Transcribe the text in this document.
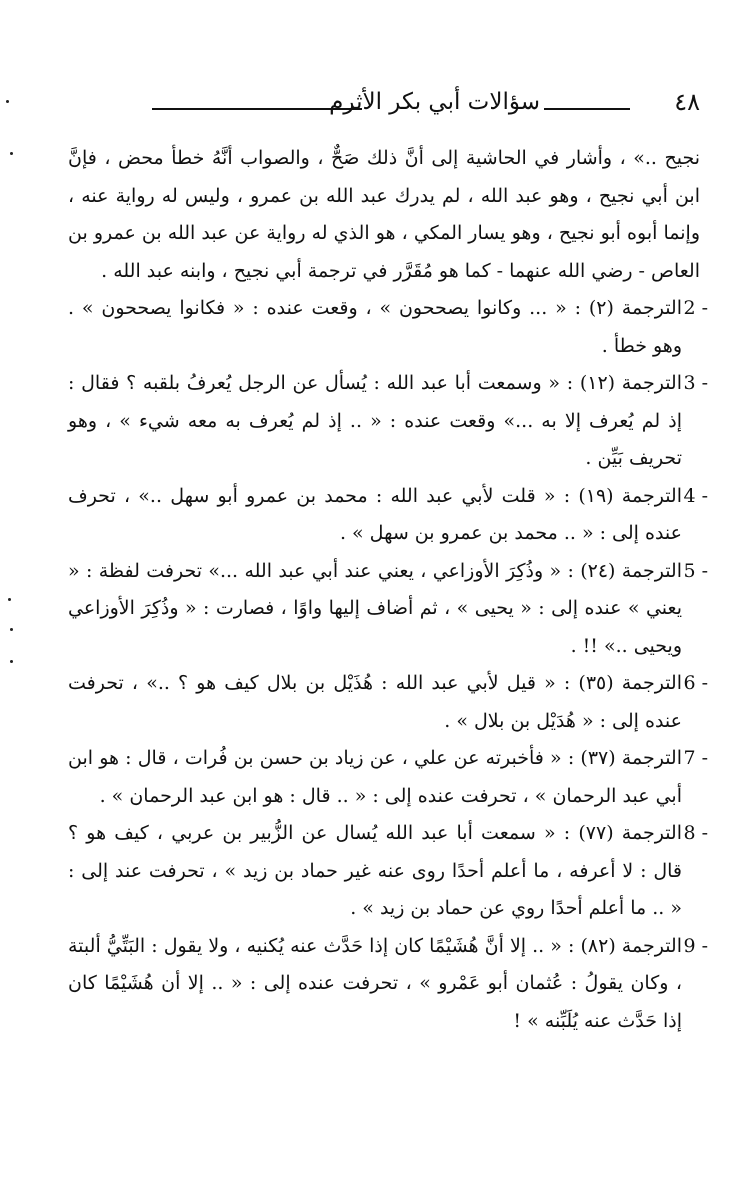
٤٨
سؤالات أبي بكر الأثرم

نجيح ..» ، وأشار في الحاشية إلى أنَّ ذلك صَحٌّ ، والصواب أنَّهُ خطأ محض ، فإنَّ ابن أبي نجيح ، وهو عبد الله ، لم يدرك عبد الله بن عمرو ، وليس له رواية عنه ، وإنما أبوه أبو نجيح ، وهو يسار المكي ، هو الذي له رواية عن عبد الله بن عمرو بن العاص - رضي الله عنهما - كما هو مُقَرَّر في ترجمة أبي نجيح ، وابنه عبد الله .

2 -
الترجمة (٢) : « ... وكانوا يصححون » ، وقعت عنده : « فكانوا يصححون » . وهو خطأ .

3 -
الترجمة (١٢) : « وسمعت أبا عبد الله : يُسأل عن الرجل يُعرفُ بلقبه ؟ فقال : إذ لم يُعرف إلا به ...» وقعت عنده : « .. إذ لم يُعرف به معه شيء » ، وهو تحريف بَيِّن .

4 -
الترجمة (١٩) : « قلت لأبي عبد الله : محمد بن عمرو أبو سهل ..» ، تحرف عنده إلى : « .. محمد بن عمرو بن سهل » .

5 -
الترجمة (٢٤) : « وذُكِرَ الأوزاعي ، يعني عند أبي عبد الله ...» تحرفت لفظة : « يعني » عنده إلى : « يحيى » ، ثم أضاف إليها واوًا ، فصارت : « وذُكِرَ الأوزاعي ويحيى ..» !! .

6 -
الترجمة (٣٥) : « قيل لأبي عبد الله : هُذَيْل بن بلال كيف هو ؟ ..» ، تحرفت عنده إلى : « هُدَيْل بن بلال » .

7 -
الترجمة (٣٧) : « فأخبرته عن علي ، عن زياد بن حسن بن فُرات ، قال : هو ابن أبي عبد الرحمان » ، تحرفت عنده إلى : « .. قال : هو ابن عبد الرحمان » .

8 -
الترجمة (٧٧) : « سمعت أبا عبد الله يُسال عن الزُّبير بن عربي ، كيف هو ؟ قال : لا أعرفه ، ما أعلم أحدًا روى عنه غير حماد بن زيد » ، تحرفت عند إلى : « .. ما أعلم أحدًا روي عن حماد بن زيد » .

9 -
الترجمة (٨٢) : « .. إلا أنَّ هُشَيْمًا كان إذا حَدَّث عنه يُكنيه ، ولا يقول : البَتِّيُّ ألبتة ، وكان يقولُ : عُثمان أبو عَمْرو » ، تحرفت عنده إلى : « .. إلا أن هُشَيْمًا كان إذا حَدَّث عنه يُلَبِّنه » !
